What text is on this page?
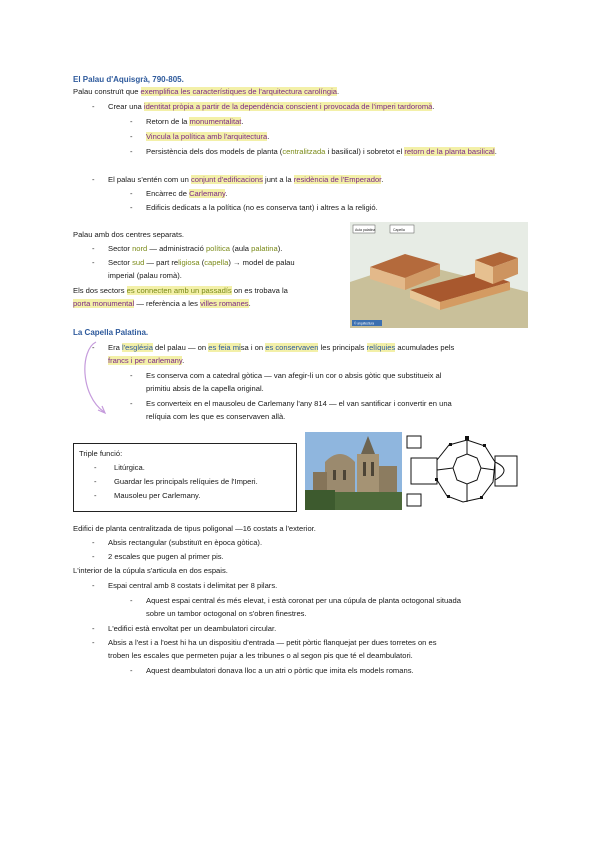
El Palau d'Aquisgrà, 790-805.
Palau construït que exemplifica les característiques de l'arquitectura carolíngia.
- Crear una identitat pròpia a partir de la dependència conscient i provocada de l'imperi tardoromà.
- Retorn de la monumentalitat.
- Vincula la política amb l'arquitectura.
- Persistència dels dos models de planta (centralitzada i basilical) i sobretot el retorn de la planta basilical.
- El palau s'entén com un conjunt d'edificacions junt a la residència de l'Emperador.
- Encàrrec de Carlemany.
- Edificis dedicats a la política (no es conserva tant) i altres a la religió.
Palau amb dos centres separats.
- Sector nord — administració política (aula palatina).
- Sector sud — part religiosa (capella) → model de palau
imperial (palau romà).
Els dos sectors es connecten amb un passadís on es trobava la
porta monumental — referència a les villes romanes.
Aula palatina	Capella
© arquitectura
La Capella Palatina.
- Era l'església del palau — on es feia misa i on es conservaven les principals relíquies acumulades pels
francs i per carlemany.
- Es conserva com a catedral gòtica — van afegir-li un cor o absis gòtic que substitueix al
primitiu absis de la capella original.
- Es converteix en el mausoleu de Carlemany l'any 814 — el van santificar i convertir en una
relíquia com les que es conservaven allà.
Triple funció:
- Litúrgica.
- Guardar les principals relíquies de l'Imperi.
- Mausoleu per Carlemany.
Edifici de planta centralitzada de tipus poligonal —16 costats a l'exterior.
- Absis rectangular (substituït en època gòtica).
- 2 escales que pugen al primer pis.
L'interior de la cúpula s'articula en dos espais.
- Espai central amb 8 costats i delimitat per 8 pilars.
- Aquest espai central és més elevat, i està coronat per una cúpula de planta octogonal situada
sobre un tambor octogonal on s'obren finestres.
- L'edifici està envoltat per un deambulatori circular.
- Absis a l'est i a l'oest hi ha un dispositiu d'entrada — petit pòrtic flanquejat per dues torretes on es
troben les escales que permeten pujar a les tribunes o al segon pis que té el deambulatori.
- Aquest deambulatori donava lloc a un atri o pòrtic que imita els models romans.
